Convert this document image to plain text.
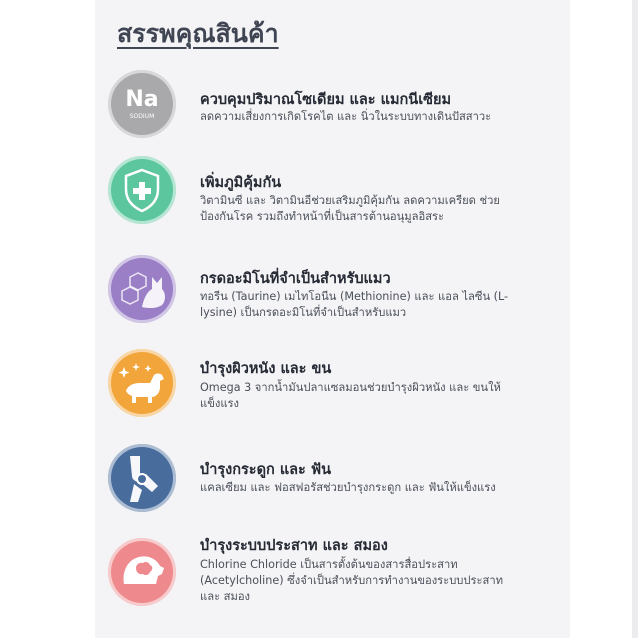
สรรพคุณสินค้า
Na
SODIUM
ควบคุมปริมาณโซเดียม และ แมกนีเซียม
ลดความเสี่ยงการเกิดโรคไต และ นิ่วในระบบทางเดินปัสสาวะ
เพิ่มภูมิคุ้มกัน
วิตามินซี และ วิตามินอีช่วยเสริมภูมิคุ้มกัน ลดความเครียด ช่วยป้องกันโรค รวมถึงทำหน้าที่เป็นสารต้านอนุมูลอิสระ
กรดอะมิโนที่จำเป็นสำหรับแมว
ทอรีน (Taurine) เมไทโอนีน (Methionine) และ แอล ไลซีน (L-lysine) เป็นกรดอะมิโนที่จำเป็นสำหรับแมว
บำรุงผิวหนัง และ ขน
Omega 3 จากน้ำมันปลาแซลมอนช่วยบำรุงผิวหนัง และ ขนให้แข็งแรง
บำรุงกระดูก และ ฟัน
แคลเซียม และ ฟอสฟอรัสช่วยบำรุงกระดูก และ ฟันให้แข็งแรง
บำรุงระบบประสาท และ สมอง
Chlorine Chloride เป็นสารตั้งต้นของสารสื่อประสาท (Acetylcholine) ซึ่งจำเป็นสำหรับการทำงานของระบบประสาท และ สมอง
